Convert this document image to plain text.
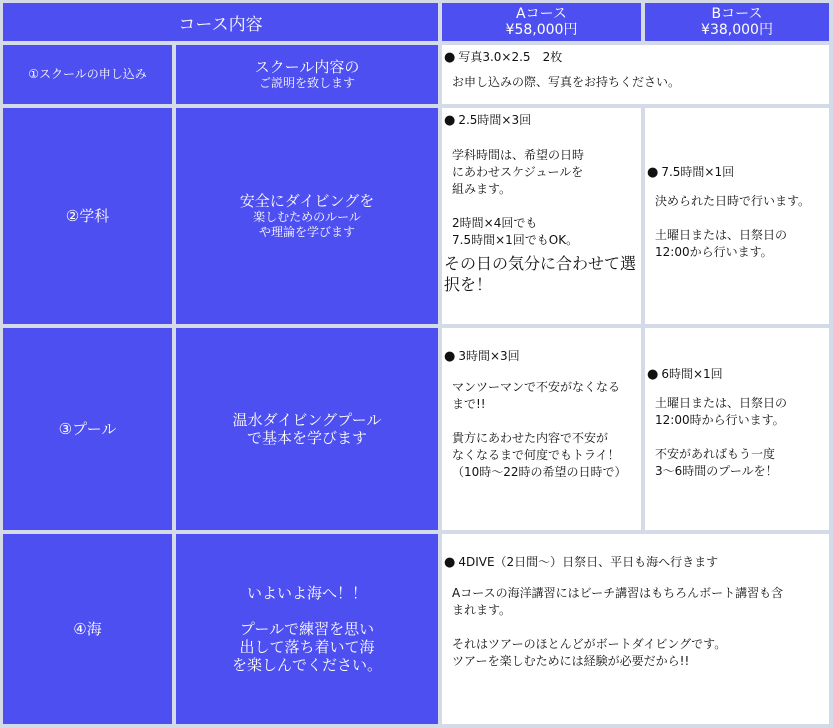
コース内容
Aコース
¥58,000円
Bコース
¥38,000円
①スクールの申し込み	スクール内容の
ご説明を致します
● 写真3.0×2.5　2枚
お申し込みの際、写真をお持ちください。
②学科
安全にダイビングを
楽しむためのルール
や理論を学びます
● 2.5時間×3回
学科時間は、希望の日時
にあわせスケジュールを
組みます。
2時間×4回でも
7.5時間×1回でもOK。
その日の気分に合わせて選
択を！
● 7.5時間×1回
決められた日時で行います。
土曜日または、日祭日の
12:00から行います。
③プール	温水ダイビングプール
で基本を学びます
● 3時間×3回
マンツーマンで不安がなくなる
まで!!
貴方にあわせた内容で不安が
なくなるまで何度でもトライ！
（10時～22時の希望の日時で）
● 6時間×1回
土曜日または、日祭日の
12:00時から行います。
不安があればもう一度
3～6時間のプールを！
④海
いよいよ海へ！！
プールで練習を思い
出して落ち着いて海
を楽しんでください。
● 4DIVE（2日間～）日祭日、平日も海へ行きます
Aコースの海洋講習にはビーチ講習はもちろんボート講習も含
まれます。
それはツアーのほとんどがボートダイビングです。
ツアーを楽しむためには経験が必要だから!!
